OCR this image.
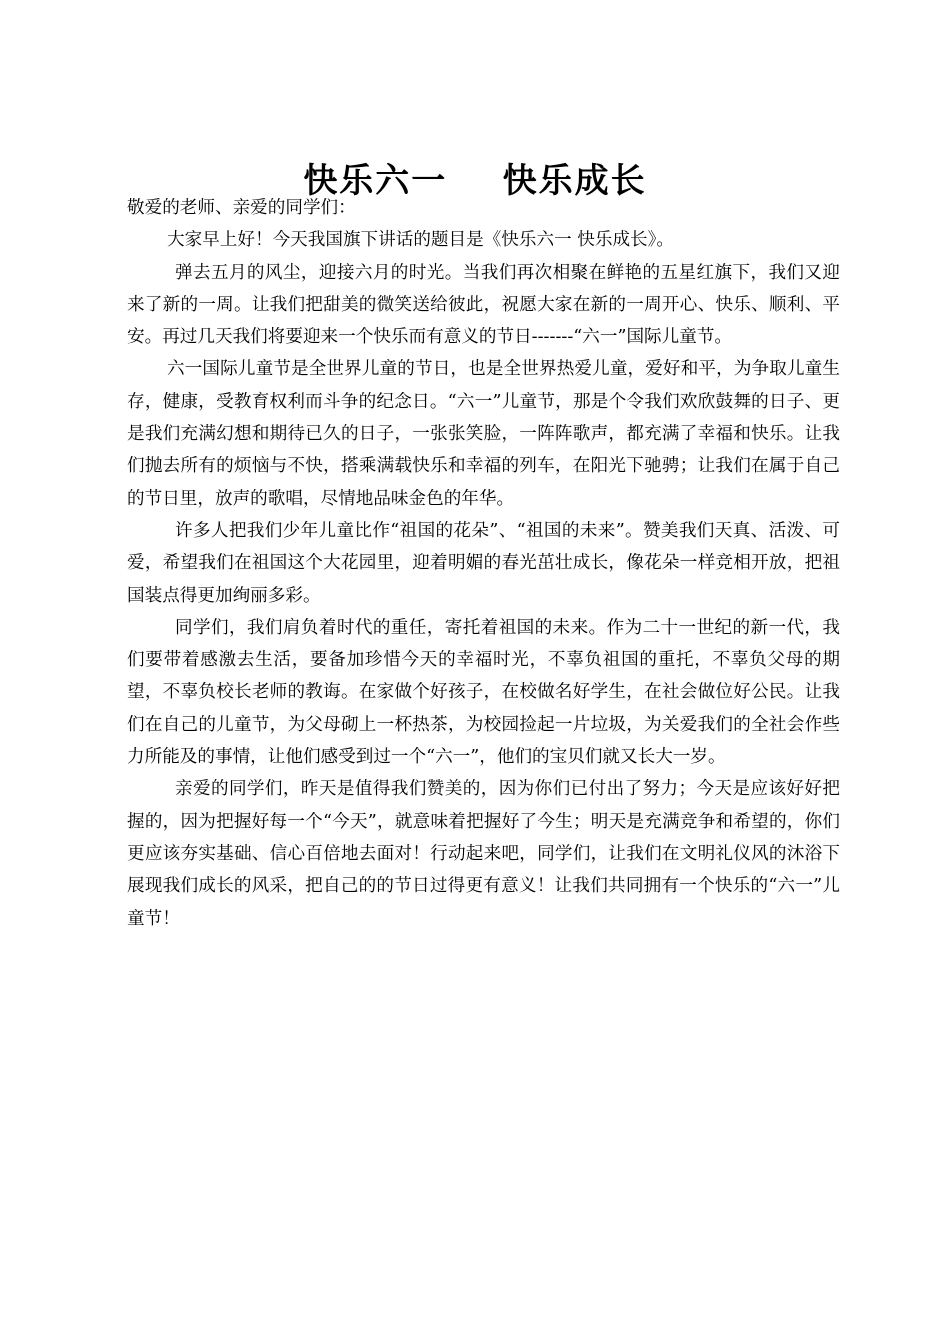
快乐六一    快乐成长

敬爱的老师、亲爱的同学们：

大家早上好！今天我国旗下讲话的题目是《快乐六一 快乐成长》。

弹去五月的风尘，迎接六月的时光。当我们再次相聚在鲜艳的五星红旗下，我们又迎来了新的一周。让我们把甜美的微笑送给彼此，祝愿大家在新的一周开心、快乐、顺利、平安。再过几天我们将要迎来一个快乐而有意义的节日-------“六一”国际儿童节。

六一国际儿童节是全世界儿童的节日，也是全世界热爱儿童，爱好和平，为争取儿童生存，健康，受教育权利而斗争的纪念日。“六一”儿童节，那是个令我们欢欣鼓舞的日子、更是我们充满幻想和期待已久的日子，一张张笑脸，一阵阵歌声，都充满了幸福和快乐。让我们抛去所有的烦恼与不快，搭乘满载快乐和幸福的列车，在阳光下驰骋；让我们在属于自己的节日里，放声的歌唱，尽情地品味金色的年华。

许多人把我们少年儿童比作“祖国的花朵”、“祖国的未来”。赞美我们天真、活泼、可爱，希望我们在祖国这个大花园里，迎着明媚的春光茁壮成长，像花朵一样竞相开放，把祖国装点得更加绚丽多彩。

同学们，我们肩负着时代的重任，寄托着祖国的未来。作为二十一世纪的新一代，我们要带着感激去生活，要备加珍惜今天的幸福时光，不辜负祖国的重托，不辜负父母的期望，不辜负校长老师的教诲。在家做个好孩子，在校做名好学生，在社会做位好公民。让我们在自己的儿童节，为父母砌上一杯热茶，为校园捡起一片垃圾，为关爱我们的全社会作些力所能及的事情，让他们感受到过一个“六一”，他们的宝贝们就又长大一岁。

亲爱的同学们，昨天是值得我们赞美的，因为你们已付出了努力；今天是应该好好把握的，因为把握好每一个“今天”，就意味着把握好了今生；明天是充满竞争和希望的，你们更应该夯实基础、信心百倍地去面对！行动起来吧，同学们，让我们在文明礼仪风的沐浴下展现我们成长的风采，把自己的的节日过得更有意义！让我们共同拥有一个快乐的“六一”儿童节！
